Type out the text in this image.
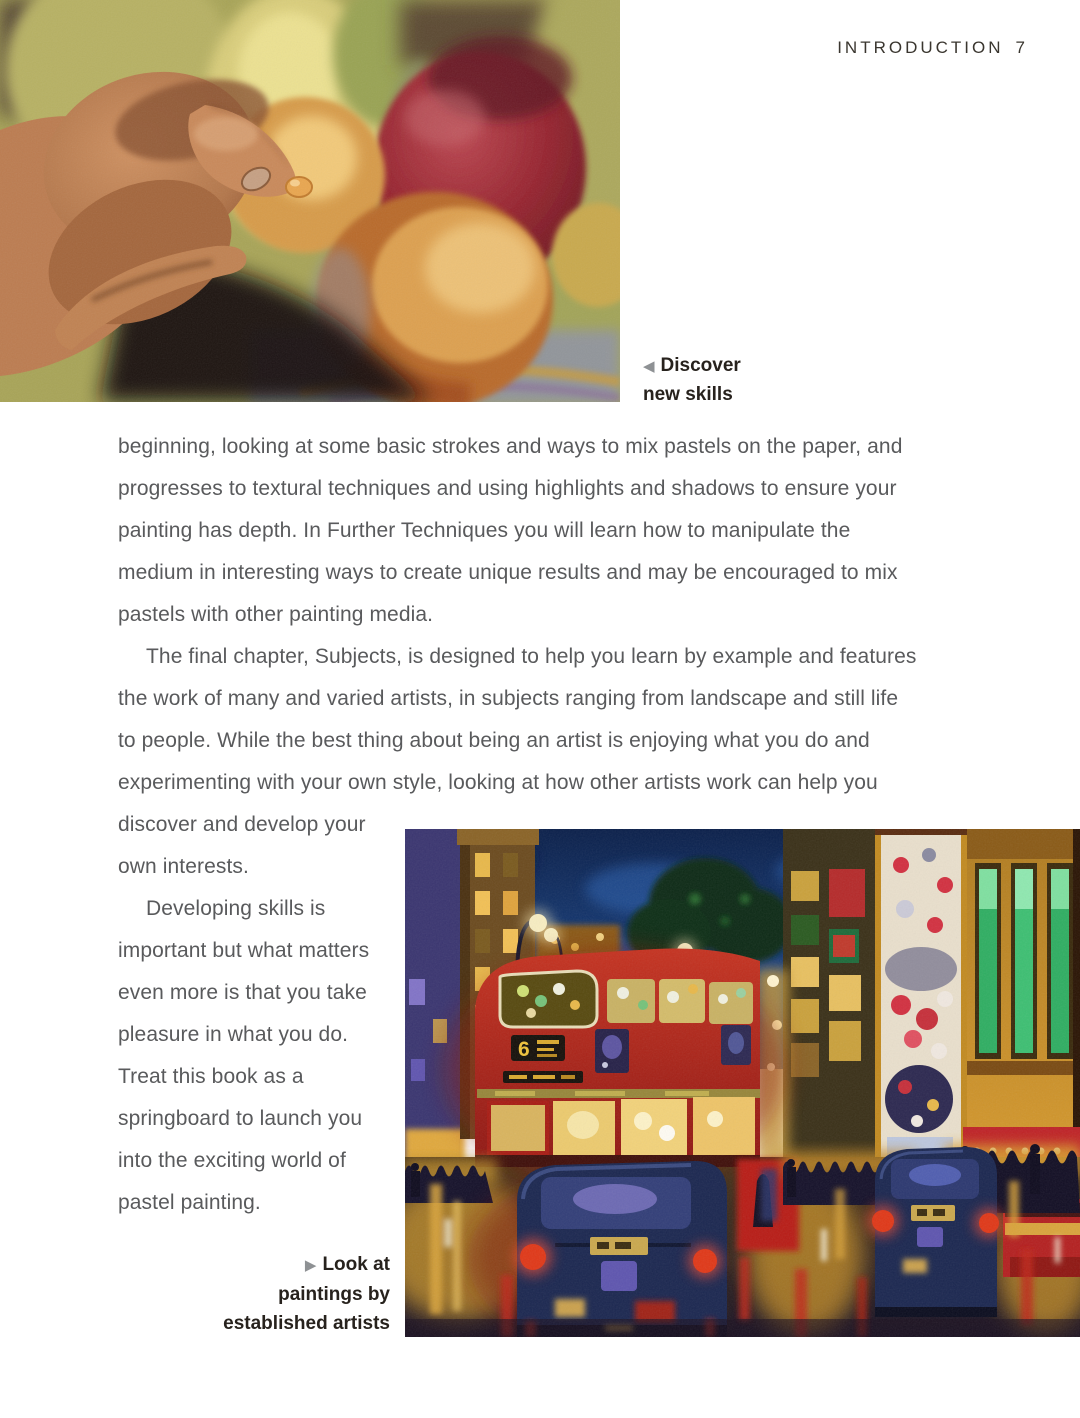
INTRODUCTION 7
◀ Discover
new skills
beginning, looking at some basic strokes and ways to mix pastels on the paper, and progresses to textural techniques and using highlights and shadows to ensure your painting has depth. In Further Techniques you will learn how to manipulate the medium in interesting ways to create unique results and may be encouraged to mix pastels with other painting media.
The final chapter, Subjects, is designed to help you learn by example and features the work of many and varied artists, in subjects ranging from landscape and still life to people. While the best thing about being an artist is enjoying what you do and experimenting with your own style, looking at how other artists work can help you
discover and develop your own interests.
Developing skills is important but what matters even more is that you take pleasure in what you do. Treat this book as a springboard to launch you into the exciting world of pastel painting.
▶ Look at
paintings by
established artists
6
